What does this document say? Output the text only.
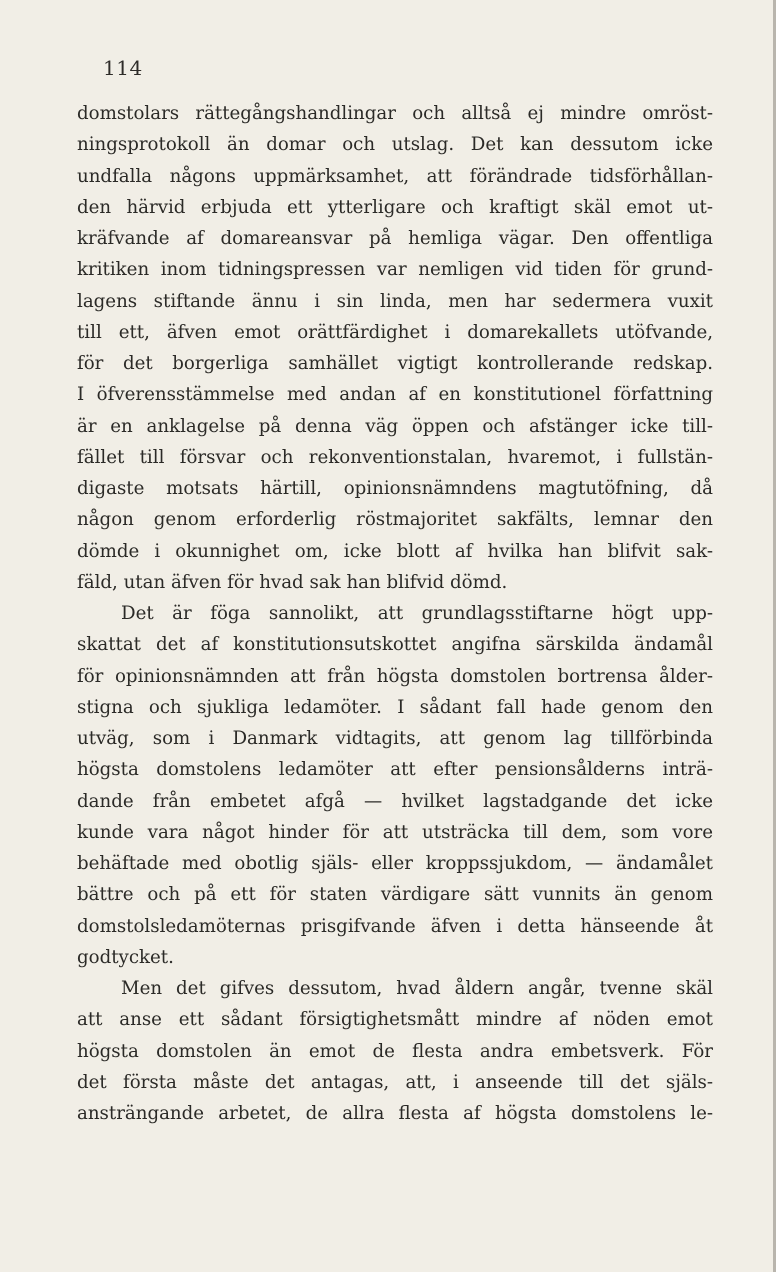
114
domstolars rättegångshandlingar och alltså ej mindre omröst-
ningsprotokoll än domar och utslag. Det kan dessutom icke
undfalla någons uppmärksamhet, att förändrade tidsförhållan-
den härvid erbjuda ett ytterligare och kraftigt skäl emot ut-
kräfvande af domareansvar på hemliga vägar. Den offentliga
kritiken inom tidningspressen var nemligen vid tiden för grund-
lagens stiftande ännu i sin linda, men har sedermera vuxit
till ett, äfven emot orättfärdighet i domarekallets utöfvande,
för det borgerliga samhället vigtigt kontrollerande redskap.
I öfverensstämmelse med andan af en konstitutionel författning
är en anklagelse på denna väg öppen och afstänger icke till-
fället till försvar och rekonventionstalan, hvaremot, i fullstän-
digaste motsats härtill, opinionsnämndens magtutöfning, då
någon genom erforderlig röstmajoritet sakfälts, lemnar den
dömde i okunnighet om, icke blott af hvilka han blifvit sak-
fäld, utan äfven för hvad sak han blifvid dömd.
Det är föga sannolikt, att grundlagsstiftarne högt upp-
skattat det af konstitutionsutskottet angifna särskilda ändamål
för opinionsnämnden att från högsta domstolen bortrensa ålder-
stigna och sjukliga ledamöter. I sådant fall hade genom den
utväg, som i Danmark vidtagits, att genom lag tillförbinda
högsta domstolens ledamöter att efter pensionsålderns inträ-
dande från embetet afgå — hvilket lagstadgande det icke
kunde vara något hinder för att utsträcka till dem, som vore
behäftade med obotlig själs- eller kroppssjukdom, — ändamålet
bättre och på ett för staten värdigare sätt vunnits än genom
domstolsledamöternas prisgifvande äfven i detta hänseende åt
godtycket.
Men det gifves dessutom, hvad åldern angår, tvenne skäl
att anse ett sådant försigtighetsmått mindre af nöden emot
högsta domstolen än emot de flesta andra embetsverk. För
det första måste det antagas, att, i anseende till det själs-
ansträngande arbetet, de allra flesta af högsta domstolens le-
